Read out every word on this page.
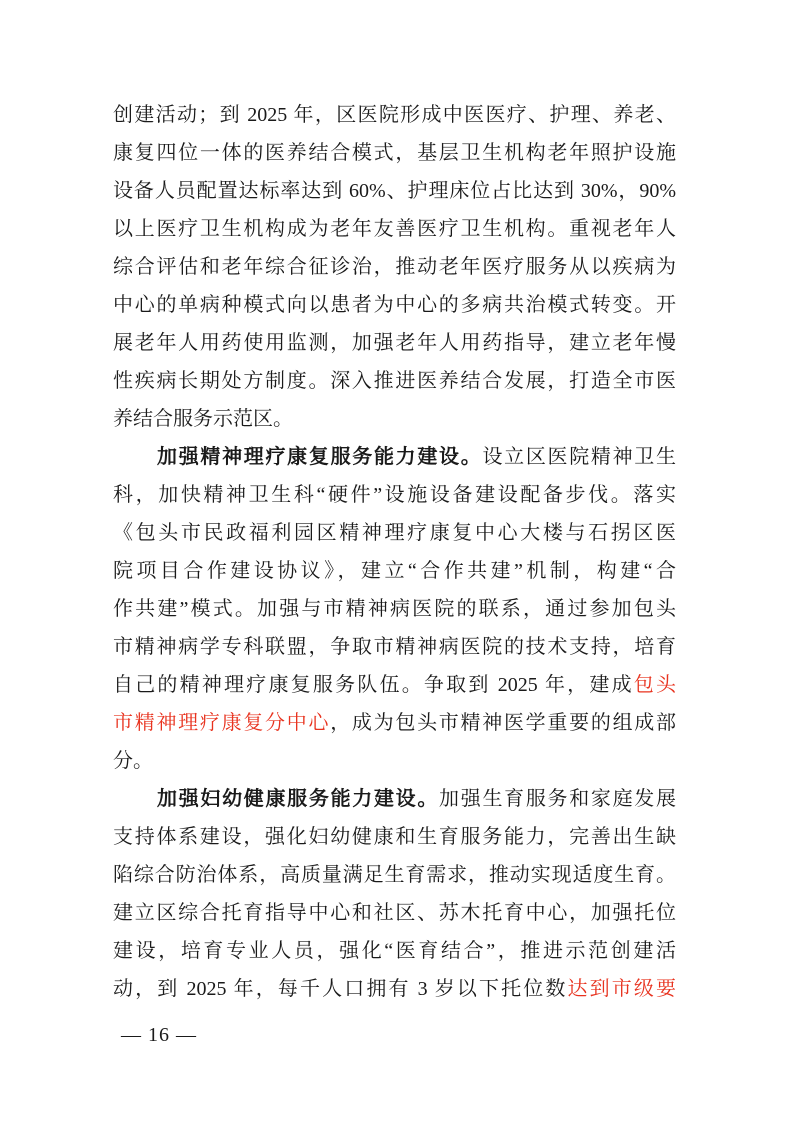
创建活动；到 2025 年，区医院形成中医医疗、护理、养老、
康复四位一体的医养结合模式，基层卫生机构老年照护设施
设备人员配置达标率达到 60%、护理床位占比达到 30%，90%
以上医疗卫生机构成为老年友善医疗卫生机构。重视老年人
综合评估和老年综合征诊治，推动老年医疗服务从以疾病为
中心的单病种模式向以患者为中心的多病共治模式转变。开
展老年人用药使用监测，加强老年人用药指导，建立老年慢
性疾病长期处方制度。深入推进医养结合发展，打造全市医
养结合服务示范区。
加强精神理疗康复服务能力建设。设立区医院精神卫生
科，加快精神卫生科“硬件”设施设备建设配备步伐。落实
《包头市民政福利园区精神理疗康复中心大楼与石拐区医
院项目合作建设协议》，建立“合作共建”机制，构建“合
作共建”模式。加强与市精神病医院的联系，通过参加包头
市精神病学专科联盟，争取市精神病医院的技术支持，培育
自己的精神理疗康复服务队伍。争取到 2025 年，建成包头
市精神理疗康复分中心，成为包头市精神医学重要的组成部
分。
加强妇幼健康服务能力建设。加强生育服务和家庭发展
支持体系建设，强化妇幼健康和生育服务能力，完善出生缺
陷综合防治体系，高质量满足生育需求，推动实现适度生育。
建立区综合托育指导中心和社区、苏木托育中心，加强托位
建设，培育专业人员，强化“医育结合”，推进示范创建活
动，到 2025 年，每千人口拥有 3 岁以下托位数达到市级要
— 16 —
